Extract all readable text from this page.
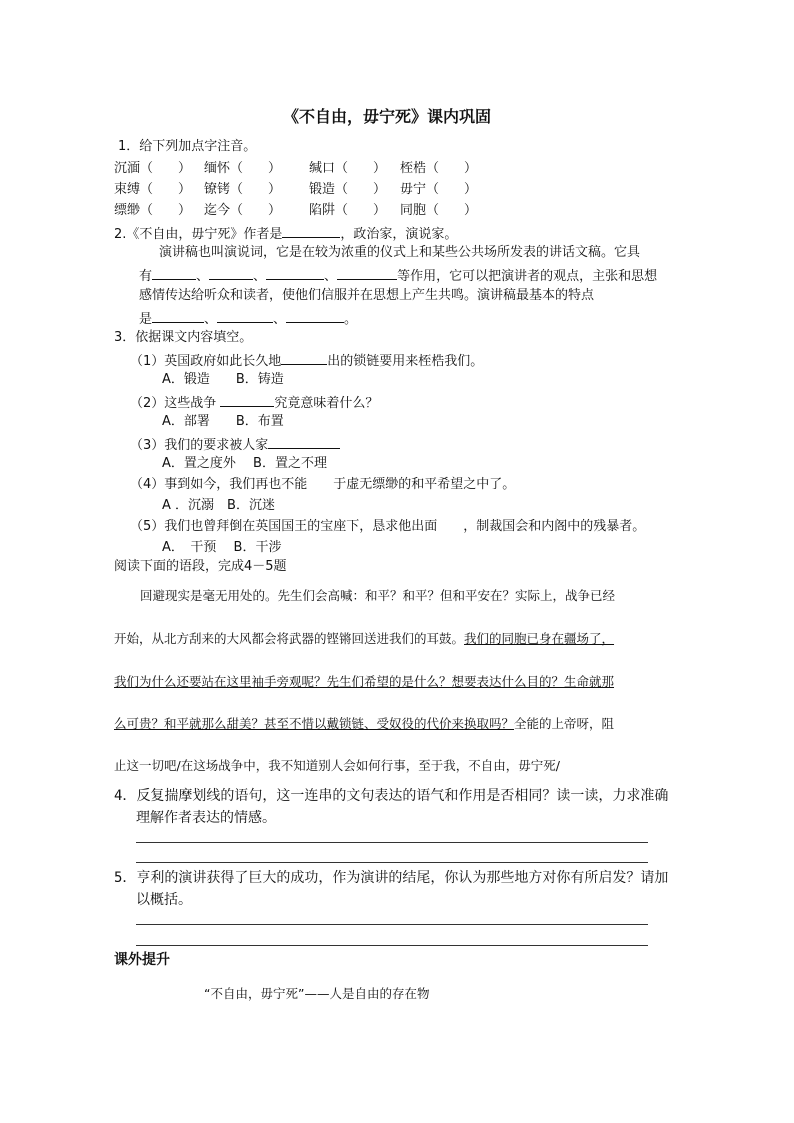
《不自由，毋宁死》课内巩固
1．给下列加点字注音。
沉湎（ ） 缅怀（ ） 缄口（ ） 桎梏（ ）
束缚（ ） 镣铐（ ） 锻造（ ） 毋宁（ ）
缥缈（ ） 迄今（ ） 陷阱（ ） 同胞（ ）
2.《不自由，毋宁死》作者是	，政治家，演说家。
演讲稿也叫演说词，它是在较为浓重的仪式上和某些公共场所发表的讲话文稿。它具
有	、	、	、	等作用，它可以把演讲者的观点，主张和思想
感情传达给听众和读者，使他们信服并在思想上产生共鸣。演讲稿最基本的特点
是	、	、	。
3．依据课文内容填空。
（1）英国政府如此长久地	出的锁链要用来桎梏我们。
A．锻造　　B．铸造
（2）这些战争	究竟意味着什么？
A．部署　　B．布置
（3）我们的要求被人家
A．置之度外　 B．置之不理
（4）事到如今，我们再也不能　　于虚无缥缈的和平希望之中了。
A ．沉溺　B．沉迷
（5）我们也曾拜倒在英国国王的宝座下，恳求他出面　　，制裁国会和内阁中的残暴者。
A．　干预　 B．干涉
阅读下面的语段，完成4－5题
回避现实是毫无用处的。先生们会高喊：和平？和平？但和平安在？实际上，战争已经
开始，从北方刮来的大风都会将武器的铿锵回送进我们的耳鼓。我们的同胞已身在疆场了，
我们为什么还要站在这里袖手旁观呢？先生们希望的是什么？想要表达什么目的？生命就那
么可贵？和平就那么甜美？甚至不惜以戴锁链、受奴役的代价来换取吗？全能的上帝呀，阻
止这一切吧/在这场战争中，我不知道别人会如何行事，至于我，不自由，毋宁死/
4．反复揣摩划线的语句，这一连串的文句表达的语气和作用是否相同？读一读，力求准确
理解作者表达的情感。
5．亨利的演讲获得了巨大的成功，作为演讲的结尾，你认为那些地方对你有所启发？请加
以概括。
课外提升
“不自由，毋宁死”——人是自由的存在物
